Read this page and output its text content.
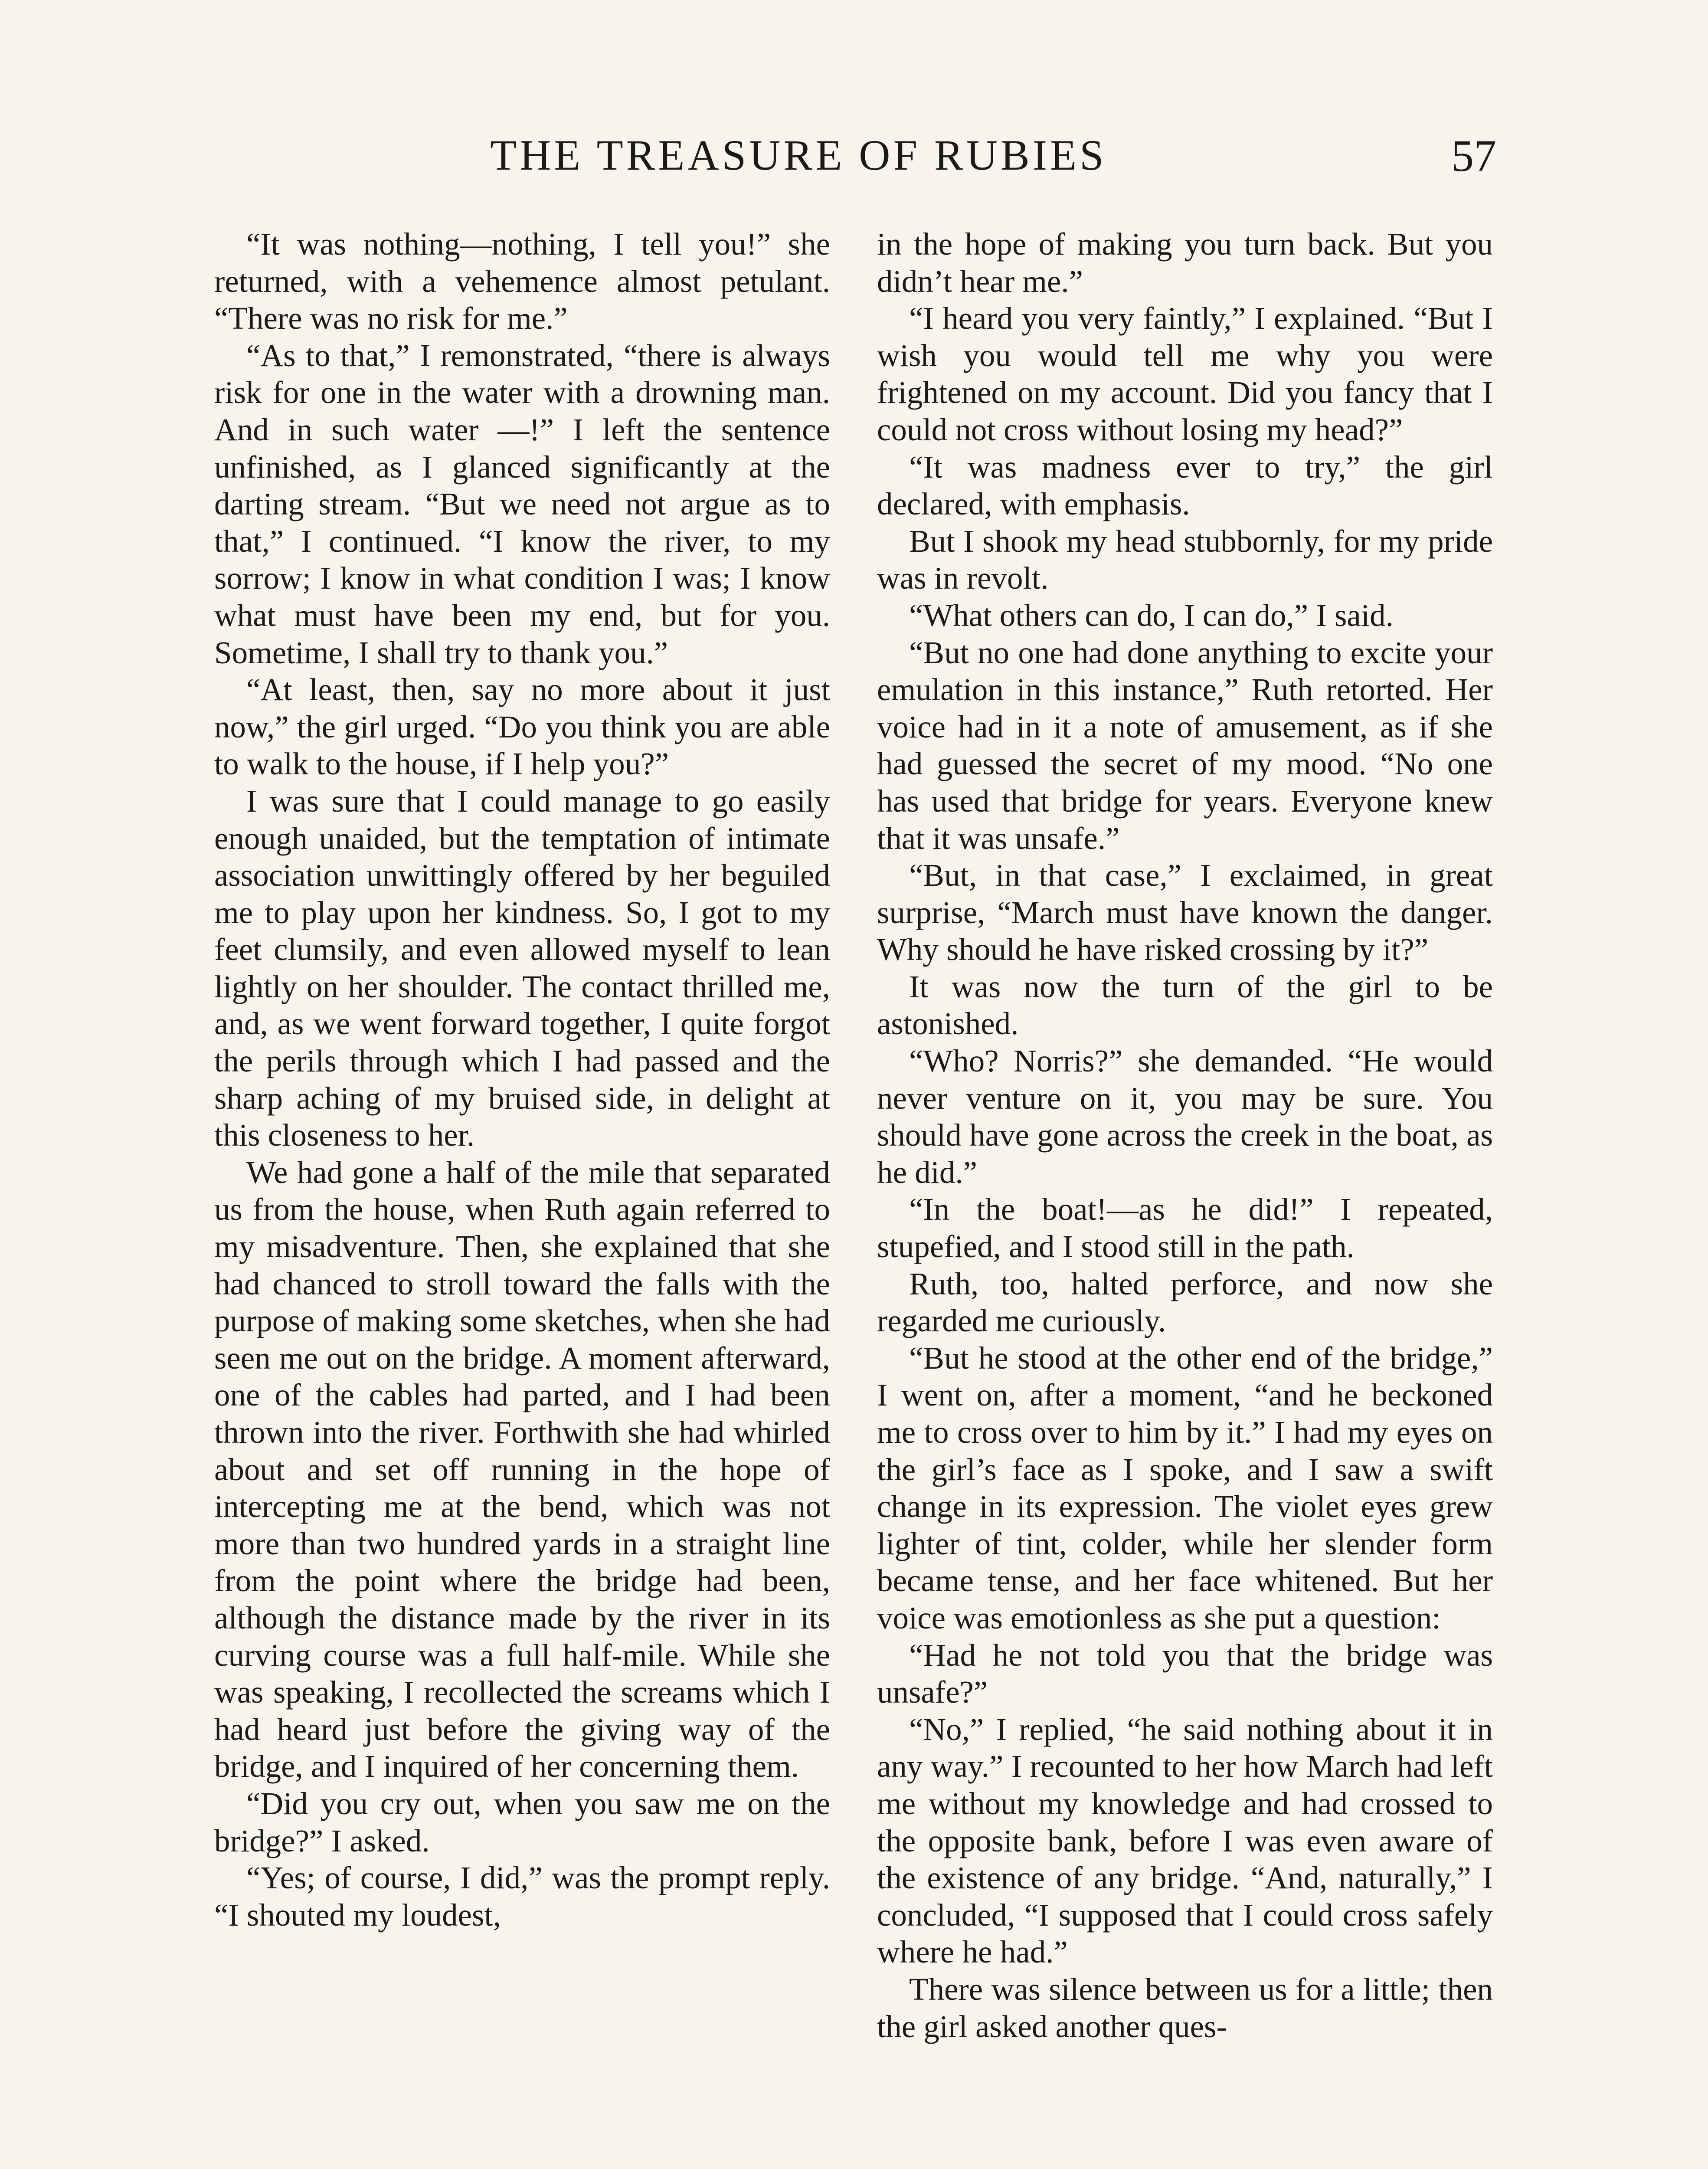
THE TREASURE OF RUBIES	57

“It was nothing—nothing, I tell you!” she returned, with a vehemence almost petulant. “There was no risk for me.”

“As to that,” I remonstrated, “there is always risk for one in the water with a drowning man. And in such water —!” I left the sentence unfinished, as I glanced significantly at the darting stream. “But we need not argue as to that,” I continued. “I know the river, to my sorrow; I know in what condition I was; I know what must have been my end, but for you. Sometime, I shall try to thank you.”

“At least, then, say no more about it just now,” the girl urged. “Do you think you are able to walk to the house, if I help you?”

I was sure that I could manage to go easily enough unaided, but the temptation of intimate association unwittingly offered by her beguiled me to play upon her kindness. So, I got to my feet clumsily, and even allowed myself to lean lightly on her shoulder. The contact thrilled me, and, as we went forward together, I quite forgot the perils through which I had passed and the sharp aching of my bruised side, in delight at this closeness to her.

We had gone a half of the mile that separated us from the house, when Ruth again referred to my misadventure. Then, she explained that she had chanced to stroll toward the falls with the purpose of making some sketches, when she had seen me out on the bridge. A moment afterward, one of the cables had parted, and I had been thrown into the river. Forthwith she had whirled about and set off running in the hope of intercepting me at the bend, which was not more than two hundred yards in a straight line from the point where the bridge had been, although the distance made by the river in its curving course was a full half-mile. While she was speaking, I recollected the screams which I had heard just before the giving way of the bridge, and I inquired of her concerning them.

“Did you cry out, when you saw me on the bridge?” I asked.

“Yes; of course, I did,” was the prompt reply. “I shouted my loudest,

in the hope of making you turn back. But you didn’t hear me.”

“I heard you very faintly,” I explained. “But I wish you would tell me why you were frightened on my account. Did you fancy that I could not cross without losing my head?”

“It was madness ever to try,” the girl declared, with emphasis.

But I shook my head stubbornly, for my pride was in revolt.

“What others can do, I can do,” I said.

“But no one had done anything to excite your emulation in this instance,” Ruth retorted. Her voice had in it a note of amusement, as if she had guessed the secret of my mood. “No one has used that bridge for years. Everyone knew that it was unsafe.”

“But, in that case,” I exclaimed, in great surprise, “March must have known the danger. Why should he have risked crossing by it?”

It was now the turn of the girl to be astonished.

“Who? Norris?” she demanded. “He would never venture on it, you may be sure. You should have gone across the creek in the boat, as he did.”

“In the boat!—as he did!” I repeated, stupefied, and I stood still in the path.

Ruth, too, halted perforce, and now she regarded me curiously.

“But he stood at the other end of the bridge,” I went on, after a moment, “and he beckoned me to cross over to him by it.” I had my eyes on the girl’s face as I spoke, and I saw a swift change in its expression. The violet eyes grew lighter of tint, colder, while her slender form became tense, and her face whitened. But her voice was emotionless as she put a question:

“Had he not told you that the bridge was unsafe?”

“No,” I replied, “he said nothing about it in any way.” I recounted to her how March had left me without my knowledge and had crossed to the opposite bank, before I was even aware of the existence of any bridge. “And, naturally,” I concluded, “I supposed that I could cross safely where he had.”

There was silence between us for a little; then the girl asked another ques-
